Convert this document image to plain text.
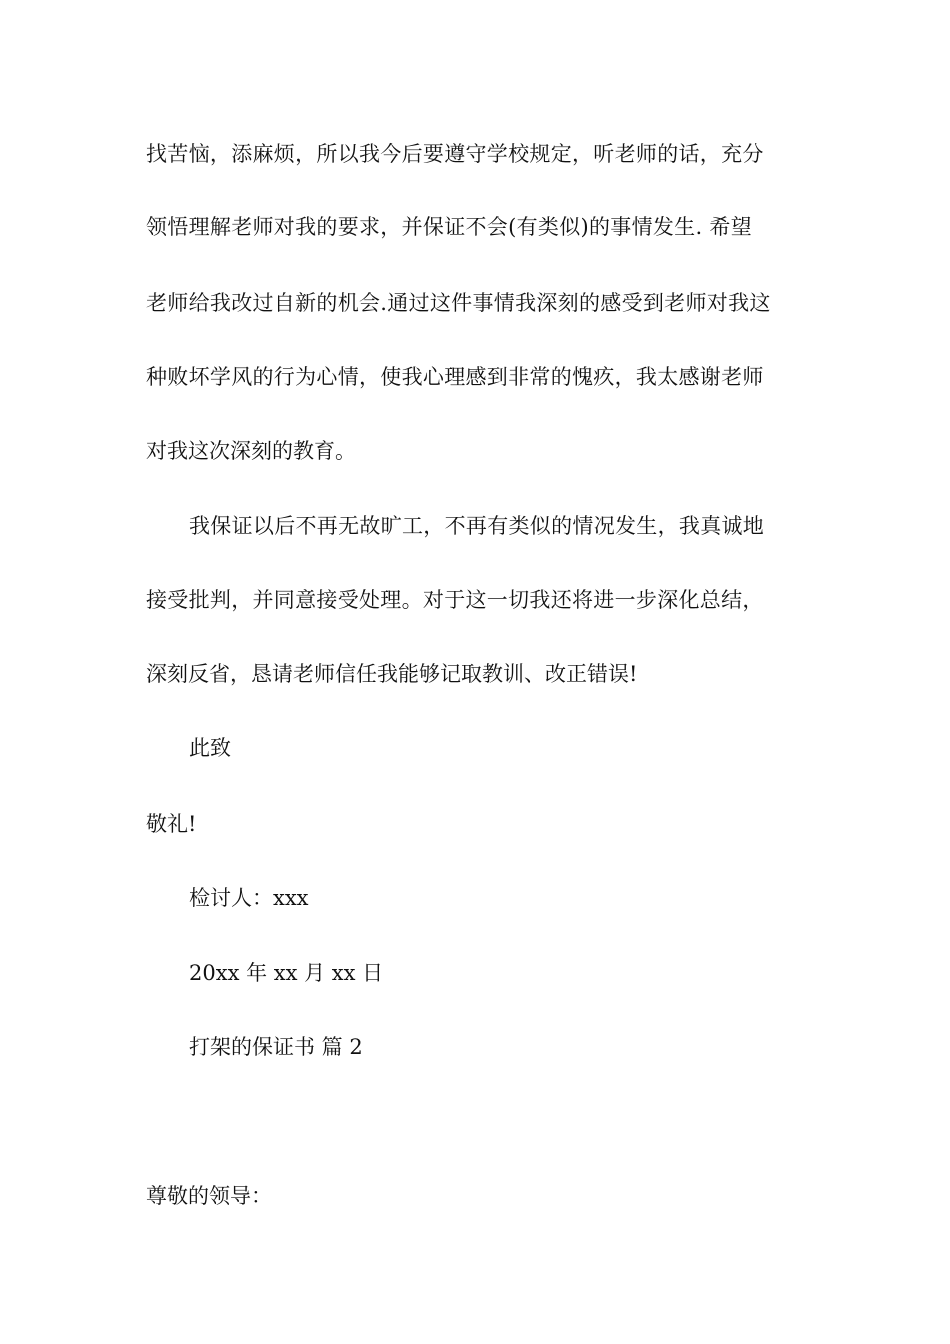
找苦恼，添麻烦，所以我今后要遵守学校规定，听老师的话，充分
领悟理解老师对我的要求，并保证不会(有类似)的事情发生. 希望
老师给我改过自新的机会.通过这件事情我深刻的感受到老师对我这
种败坏学风的行为心情，使我心理感到非常的愧疚，我太感谢老师
对我这次深刻的教育。
我保证以后不再无故旷工，不再有类似的情况发生，我真诚地
接受批判，并同意接受处理。对于这一切我还将进一步深化总结，
深刻反省，恳请老师信任我能够记取教训、改正错误!
此致
敬礼!
检讨人：xxx
20xx 年 xx 月 xx 日
打架的保证书 篇 2
尊敬的领导：
